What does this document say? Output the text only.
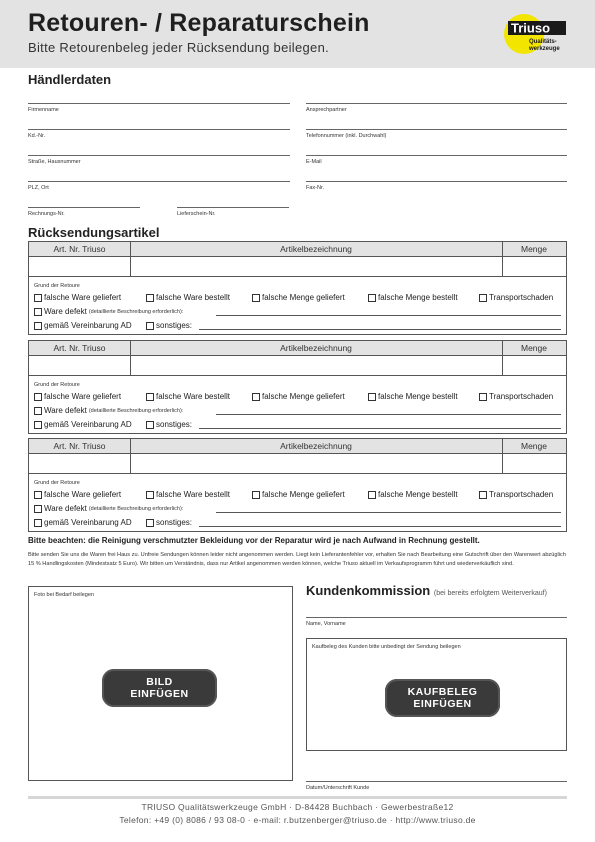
Retouren- / Reparaturschein
Bitte Retourenbeleg jeder Rücksendung beilegen.
Triuso
Qualitäts-
werkzeuge
Händlerdaten
Firmenname	Ansprechpartner
Kd.-Nr.	Telefonnummer (inkl. Durchwahl)
Straße, Hausnummer	E-Mail
PLZ, Ort	Fax-Nr.
Rechnungs-Nr.	Lieferschein-Nr.
Rücksendungsartikel
Art. Nr. Triuso	Artikelbezeichnung	Menge
Grund der Retoure
falsche Ware geliefert	falsche Ware bestellt	falsche Menge geliefert	falsche Menge bestellt	Transportschaden
Ware defekt (detaillierte Beschreibung erforderlich):
gemäß Vereinbarung AD	sonstiges:
Art. Nr. Triuso	Artikelbezeichnung	Menge
Grund der Retoure
falsche Ware geliefert	falsche Ware bestellt	falsche Menge geliefert	falsche Menge bestellt	Transportschaden
Ware defekt (detaillierte Beschreibung erforderlich):
gemäß Vereinbarung AD	sonstiges:
Art. Nr. Triuso	Artikelbezeichnung	Menge
Grund der Retoure
falsche Ware geliefert	falsche Ware bestellt	falsche Menge geliefert	falsche Menge bestellt	Transportschaden
Ware defekt (detaillierte Beschreibung erforderlich):
gemäß Vereinbarung AD	sonstiges:
Bitte beachten: die Reinigung verschmutzter Bekleidung vor der Reparatur wird je nach Aufwand in Rechnung gestellt.
Bitte senden Sie uns die Waren frei Haus zu. Unfreie Sendungen können leider nicht angenommen werden. Liegt kein Lieferantenfehler vor, erhalten Sie nach Bearbeitung eine Gutschrift über den Warenwert abzüglich 15 % Handlingskosten (Mindestsatz 5 Euro). Wir bitten um Verständnis, dass nur Artikel angenommen werden können, welche Triuso aktuell im Verkaufsprogramm führt und wiederverkäuflich sind.
Foto bei Bedarf beilegen
BILD
EINFÜGEN
Kundenkommission (bei bereits erfolgtem Weiterverkauf)
Name, Vorname
Kaufbeleg des Kunden bitte unbedingt der Sendung beilegen
KAUFBELEG
EINFÜGEN
Datum/Unterschrift Kunde
TRIUSO Qualitätswerkzeuge GmbH · D-84428 Buchbach · Gewerbestraße12
Telefon: +49 (0) 8086 / 93 08-0 · e-mail: r.butzenberger@triuso.de · http://www.triuso.de
